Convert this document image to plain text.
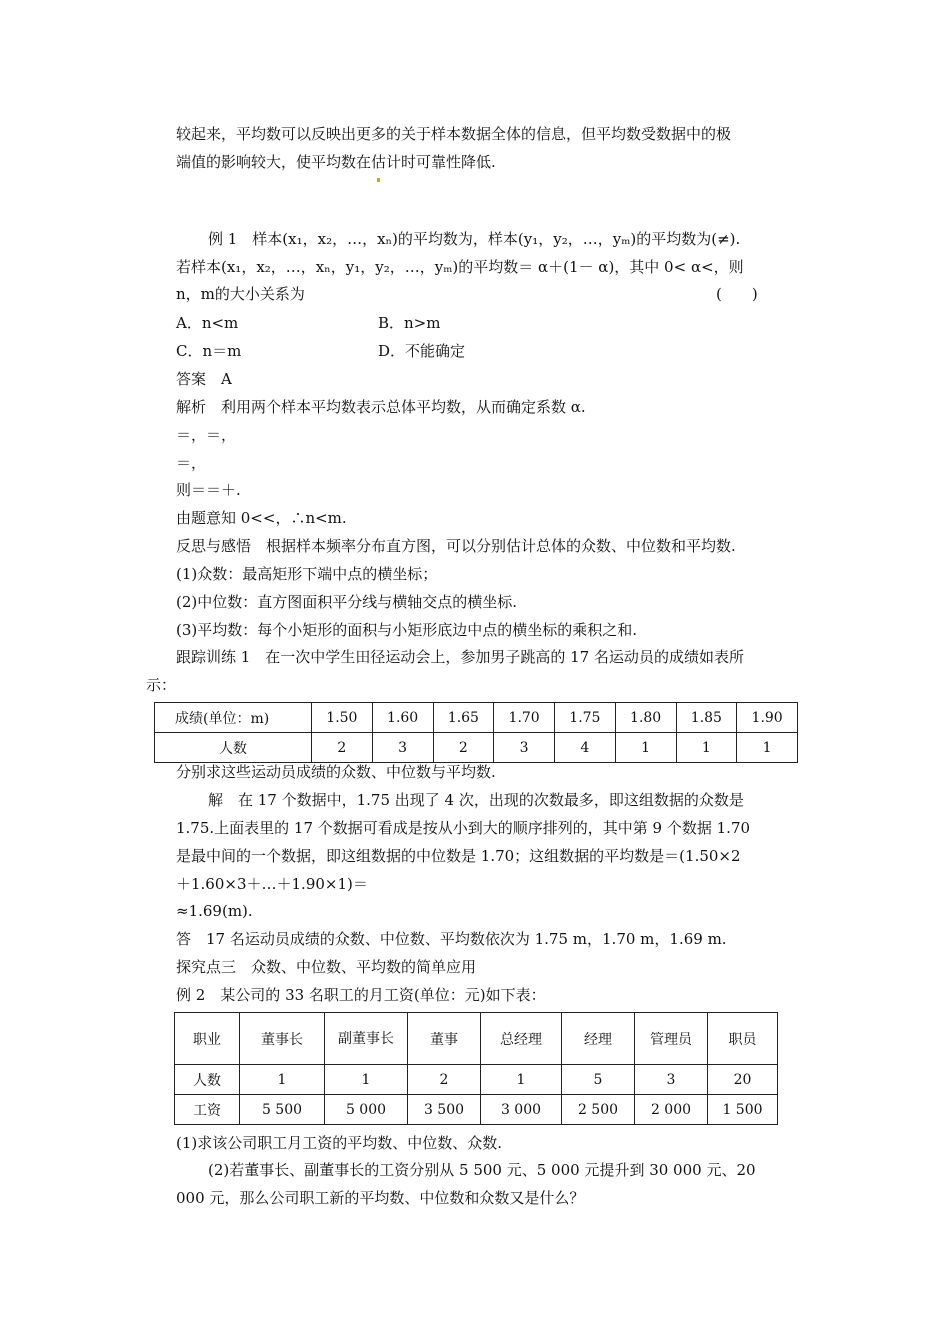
较起来，平均数可以反映出更多的关于样本数据全体的信息，但平均数受数据中的极
端值的影响较大，使平均数在估计时可靠性降低.
例 1　样本(x₁，x₂，…，xₙ)的平均数为，样本(y₁，y₂，…，yₘ)的平均数为(≠).
若样本(x₁，x₂，…，xₙ，y₁，y₂，…，yₘ)的平均数＝ α＋(1－ α)，其中 0< α<，则
n，m的大小关系为	(　　)
A．n<m	B．n>m
C．n＝m	D．不能确定
答案　A
解析　利用两个样本平均数表示总体平均数，从而确定系数 α.
＝，＝，
＝，
则＝＝＋.
由题意知 0<<，∴n<m.
反思与感悟　根据样本频率分布直方图，可以分别估计总体的众数、中位数和平均数.
(1)众数：最高矩形下端中点的横坐标；
(2)中位数：直方图面积平分线与横轴交点的横坐标.
(3)平均数：每个小矩形的面积与小矩形底边中点的横坐标的乘积之和.
跟踪训练 1　在一次中学生田径运动会上，参加男子跳高的 17 名运动员的成绩如表所
示：
成绩(单位：m)	1.50	1.60	1.65	1.70	1.75	1.80	1.85	1.90
人数	2	3	2	3	4	1	1	1
分别求这些运动员成绩的众数、中位数与平均数.
解　在 17 个数据中，1.75 出现了 4 次，出现的次数最多，即这组数据的众数是
1.75.上面表里的 17 个数据可看成是按从小到大的顺序排列的，其中第 9 个数据 1.70
是最中间的一个数据，即这组数据的中位数是 1.70；这组数据的平均数是＝(1.50×2
＋1.60×3＋…＋1.90×1)＝
≈1.69(m).
答　17 名运动员成绩的众数、中位数、平均数依次为 1.75 m，1.70 m，1.69 m.
探究点三　众数、中位数、平均数的简单应用
例 2　某公司的 33 名职工的月工资(单位：元)如下表：
职业	董事长	副董事长	董事	总经理	经理	管理员	职员
人数	1	1	2	1	5	3	20
工资	5 500	5 000	3 500	3 000	2 500	2 000	1 500
(1)求该公司职工月工资的平均数、中位数、众数.
(2)若董事长、副董事长的工资分别从 5 500 元、5 000 元提升到 30 000 元、20
000 元，那么公司职工新的平均数、中位数和众数又是什么？
